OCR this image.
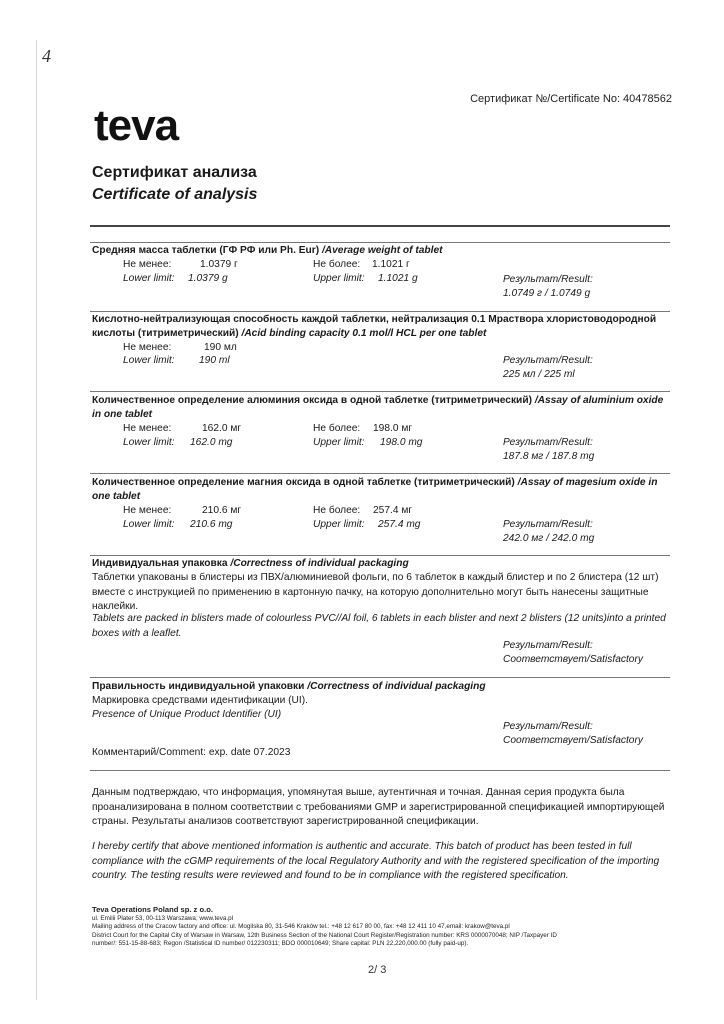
4
Сертификат №/Certificate No: 40478562
teva
Сертификат анализа
Certificate of analysis
Средняя масса таблетки (ГФ РФ или Ph. Eur) /Average weight of tablet
Не менее:	1.0379 г	Не более: 1.1021 г
Lower limit: 1.0379 g	Upper limit: 1.1021 g	Результат/Result:
1.0749 г / 1.0749 g
Кислотно-нейтрализующая способность каждой таблетки, нейтрализация 0.1 Мраствора хлористоводородной кислоты (титриметрический) /Acid binding capacity 0.1 mol/l HCL per one tablet
Не менее:	190 мл
Lower limit: 190 ml	Результат/Result:
225 мл / 225 ml
Количественное определение алюминия оксида в одной таблетке (титриметрический) /Assay of aluminium oxide in one tablet
Не менее:	162.0 мг	Не более: 198.0 мг
Lower limit: 162.0 mg	Upper limit: 198.0 mg	Результат/Result:
187.8 мг / 187.8 mg
Количественное определение магния оксида в одной таблетке (титриметрический) /Assay of magesium oxide in one tablet
Не менее:	210.6 мг	Не более: 257.4 мг
Lower limit: 210.6 mg	Upper limit: 257.4 mg	Результат/Result:
242.0 мг / 242.0 mg
Индивидуальная упаковка /Correctness of individual packaging
Таблетки упакованы в блистеры из ПВХ/алюминиевой фольги, по 6 таблеток в каждый блистер и по 2 блистера (12 шт) вместе с инструкцией по применению в картонную пачку, на которую дополнительно могут быть нанесены защитные наклейки.
Tablets are packed in blisters made of colourless PVC//Al foil, 6 tablets in each blister and next 2 blisters (12 units)into a printed boxes with a leaflet.
Результат/Result:
Соответствует/Satisfactory
Правильность индивидуальной упаковки /Correctness of individual packaging
Маркировка средствами идентификации (UI).
Presence of Unique Product Identifier (UI)
Результат/Result:
Соответствует/Satisfactory
Комментарий/Comment: exp. date 07.2023
Данным подтверждаю, что информация, упомянутая выше, аутентичная и точная. Данная серия продукта была проанализирована в полном соответствии с требованиями GMP и зарегистрированной спецификацией импортирующей страны. Результаты анализов соответствуют зарегистрированной спецификации.
I hereby certify that above mentioned information is authentic and accurate. This batch of product has been tested in full compliance with the cGMP requirements of the local Regulatory Authority and with the registered specification of the importing country. The testing results were reviewed and found to be in compliance with the registered specification.
Teva Operations Poland sp. z o.o.
ul. Emilii Plater 53, 00-113 Warszawa; www.teva.pl
Mailing address of the Cracow factory and office: ul. Mogilska 80, 31-546 Kraków tel.: +48 12 617 80 00, fax: +48 12 411 10 47,email: krakow@teva.pl
District Court for the Capital City of Warsaw in Warsaw, 12th Business Section of the National Court Register/Registration number: KRS 0000070048; NIP /Taxpayer ID
number/: 551-15-88-683; Regon /Statistical ID number/ 012230311; BDO 000010649; Share capital: PLN 22,220,000.00 (fully paid-up).
2/ 3
